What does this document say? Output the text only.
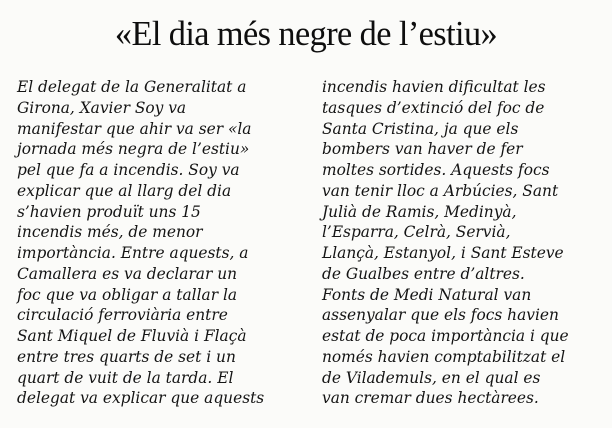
«El dia més negre de l’estiu»
El delegat de la Generalitat a
Girona, Xavier Soy va
manifestar que ahir va ser «la
jornada més negra de l’estiu»
pel que fa a incendis. Soy va
explicar que al llarg del dia
s’havien produït uns 15
incendis més, de menor
importància. Entre aquests, a
Camallera es va declarar un
foc que va obligar a tallar la
circulació ferroviària entre
Sant Miquel de Fluvià i Flaçà
entre tres quarts de set i un
quart de vuit de la tarda. El
delegat va explicar que aquests
incendis havien dificultat les
tasques d’extinció del foc de
Santa Cristina, ja que els
bombers van haver de fer
moltes sortides. Aquests focs
van tenir lloc a Arbúcies, Sant
Julià de Ramis, Medinyà,
l’Esparra, Celrà, Servià,
Llançà, Estanyol, i Sant Esteve
de Gualbes entre d’altres.
Fonts de Medi Natural van
assenyalar que els focs havien
estat de poca importància i que
només havien comptabilitzat el
de Vilademuls, en el qual es
van cremar dues hectàrees.
